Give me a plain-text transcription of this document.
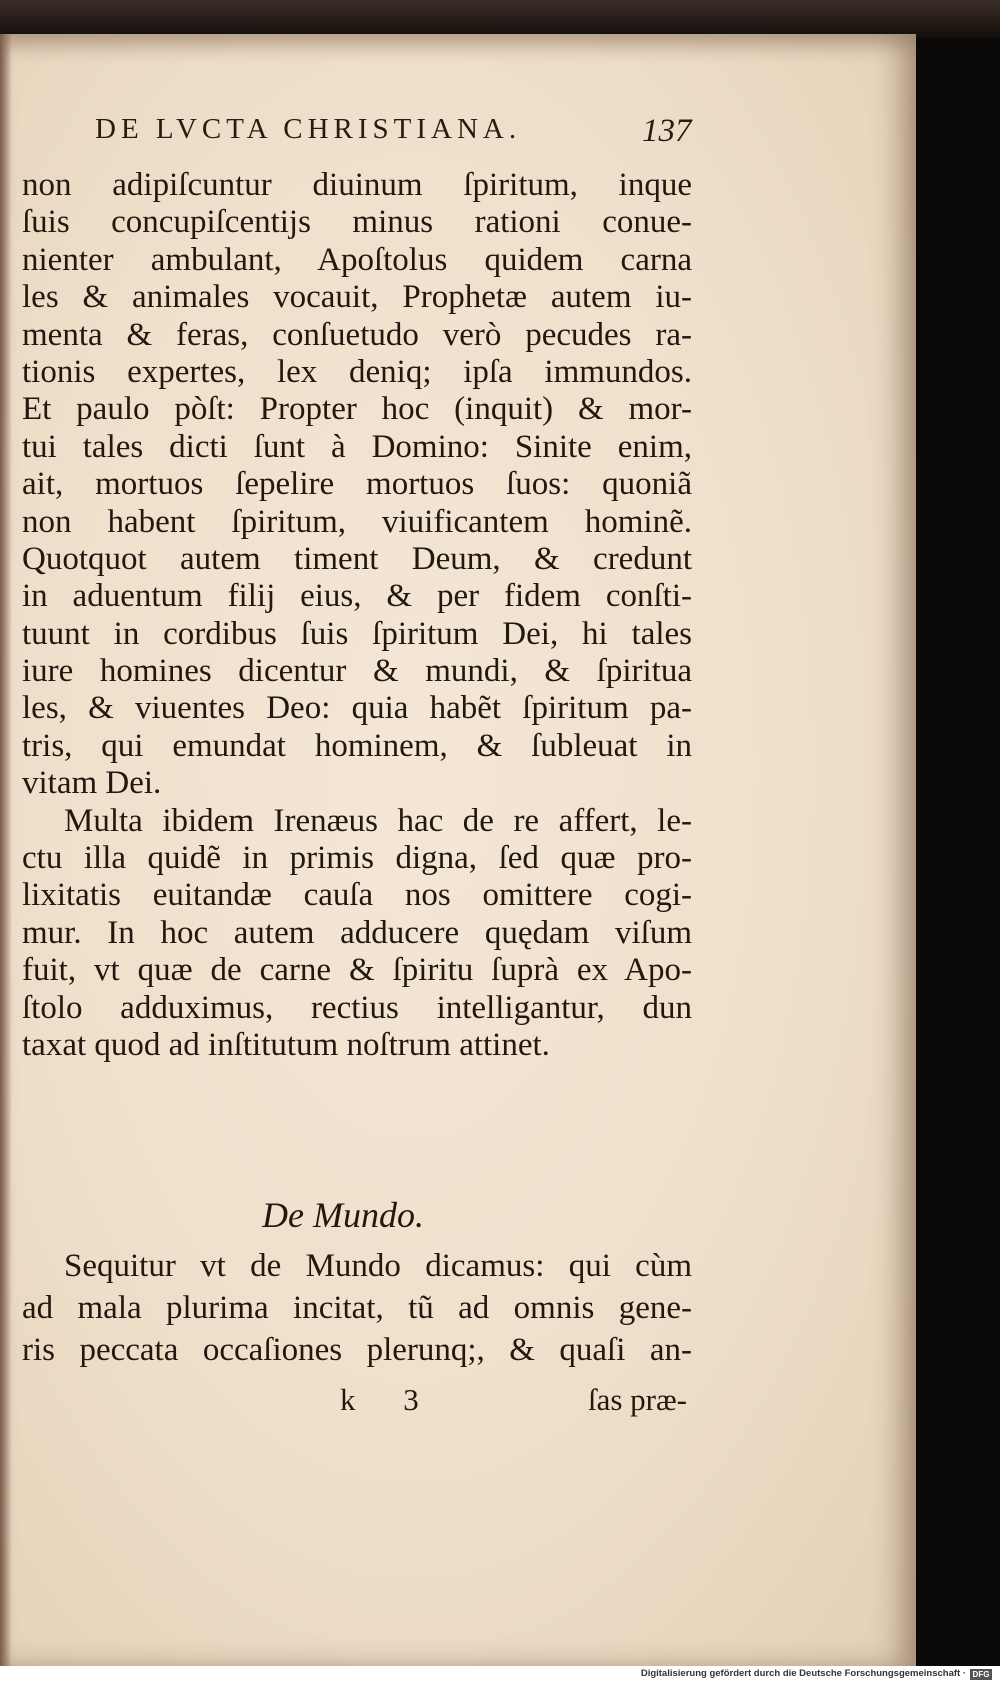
DE LVCTA CHRISTIANA.	137
non adipiſcuntur diuinum ſpiritum, inque
ſuis concupiſcentijs minus rationi conue-
nienter ambulant, Apoſtolus quidem carna
les & animales vocauit, Prophetæ autem iu-
menta & feras, conſuetudo verò pecudes ra-
tionis expertes, lex deniq; ipſa immundos.
Et paulo pòſt: Propter hoc (inquit) & mor-
tui tales dicti ſunt à Domino: Sinite enim,
ait, mortuos ſepelire mortuos ſuos: quoniã
non habent ſpiritum, viuificantem hominẽ.
Quotquot autem timent Deum, & credunt
in aduentum filij eius, & per fidem conſti-
tuunt in cordibus ſuis ſpiritum Dei, hi tales
iure homines dicentur & mundi, & ſpiritua
les, & viuentes Deo: quia habẽt ſpiritum pa-
tris, qui emundat hominem, & ſubleuat in
vitam Dei.
Multa ibidem Irenæus hac de re affert, le-
ctu illa quidẽ in primis digna, ſed quæ pro-
lixitatis euitandæ cauſa nos omittere cogi-
mur. In hoc autem adducere quędam viſum
fuit, vt quæ de carne & ſpiritu ſuprà ex Apo-
ſtolo adduximus, rectius intelligantur, dun
taxat quod ad inſtitutum noſtrum attinet.
De Mundo.
Sequitur vt de Mundo dicamus: qui cùm
ad mala plurima incitat, tũ ad omnis gene-
ris peccata occaſiones plerunq;, & quaſi an-
k 3	ſas præ-
Digitalisierung gefördert durch die Deutsche Forschungsgemeinschaft · DFG
